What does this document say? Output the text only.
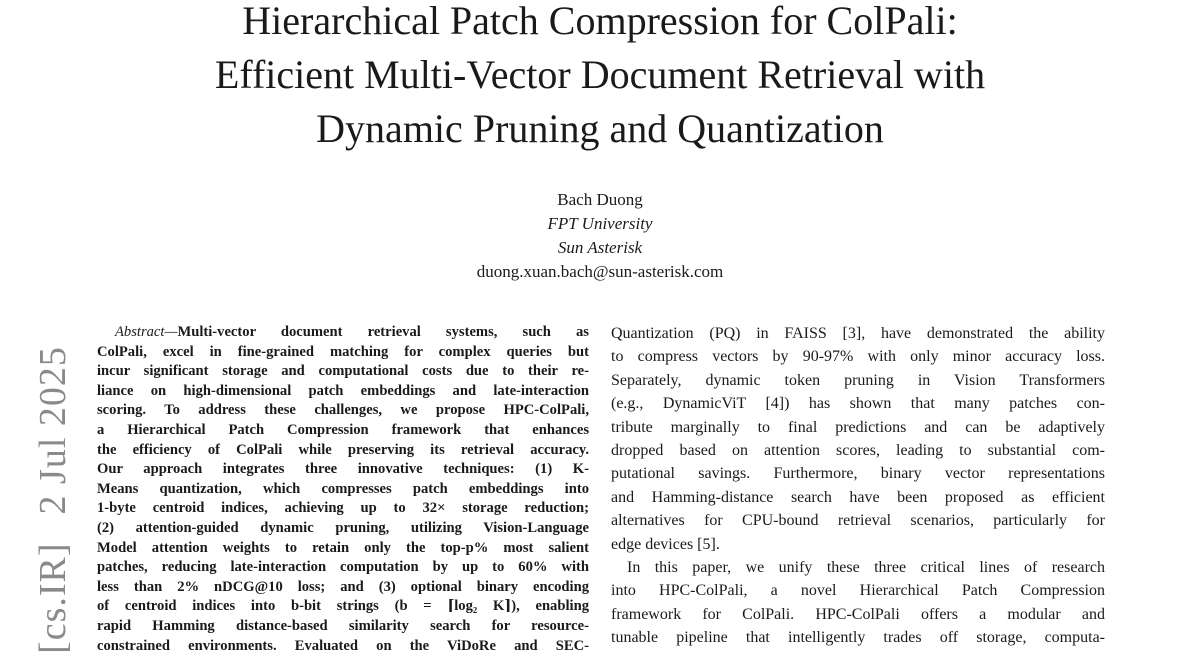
Hierarchical Patch Compression for ColPali:
Efficient Multi-Vector Document Retrieval with
Dynamic Pruning and Quantization
Bach Duong
FPT University
Sun Asterisk
duong.xuan.bach@sun-asterisk.com
[cs.IR]2 Jul 2025
Abstract—Multi-vector document retrieval systems, such as
ColPali, excel in fine-grained matching for complex queries but
incur significant storage and computational costs due to their re-
liance on high-dimensional patch embeddings and late-interaction
scoring. To address these challenges, we propose HPC-ColPali,
a Hierarchical Patch Compression framework that enhances
the efficiency of ColPali while preserving its retrieval accuracy.
Our approach integrates three innovative techniques: (1) K-
Means quantization, which compresses patch embeddings into
1-byte centroid indices, achieving up to 32× storage reduction;
(2) attention-guided dynamic pruning, utilizing Vision-Language
Model attention weights to retain only the top-p% most salient
patches, reducing late-interaction computation by up to 60% with
less than 2% nDCG@10 loss; and (3) optional binary encoding
of centroid indices into b-bit strings (b = ⌈log₂ K⌉), enabling
rapid Hamming distance-based similarity search for resource-
constrained environments. Evaluated on the ViDoRe and SEC-
Quantization (PQ) in FAISS [3], have demonstrated the ability
to compress vectors by 90-97% with only minor accuracy loss.
Separately, dynamic token pruning in Vision Transformers
(e.g., DynamicViT [4]) has shown that many patches con-
tribute marginally to final predictions and can be adaptively
dropped based on attention scores, leading to substantial com-
putational savings. Furthermore, binary vector representations
and Hamming-distance search have been proposed as efficient
alternatives for CPU-bound retrieval scenarios, particularly for
edge devices [5].
In this paper, we unify these three critical lines of research
into HPC-ColPali, a novel Hierarchical Patch Compression
framework for ColPali. HPC-ColPali offers a modular and
tunable pipeline that intelligently trades off storage, computa-
